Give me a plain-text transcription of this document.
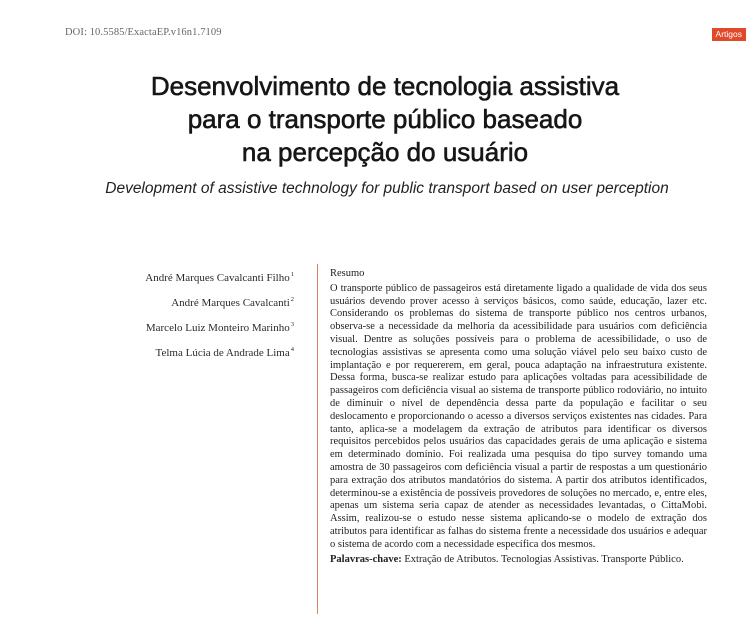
DOI: 10.5585/ExactaEP.v16n1.7109	Artigos
Desenvolvimento de tecnologia assistiva
para o transporte público baseado
na percepção do usuário
Development of assistive technology for public transport based on user perception
André Marques Cavalcanti Filho$^1$
André Marques Cavalcanti$^2$
Marcelo Luiz Monteiro Marinho$^3$
Telma Lúcia de Andrade Lima$^4$
Resumo

O transporte público de passageiros está diretamente ligado a qualidade de vida dos seus usuários devendo prover acesso à serviços básicos, como saúde, educação, lazer etc. Considerando os problemas do sistema de transporte público nos centros urbanos, observa-se a necessidade da melhoria da acessibilidade para usuários com deficiência visual. Dentre as soluções possíveis para o problema de acessibilidade, o uso de tecnologias assistivas se apresenta como uma solução viável pelo seu baixo custo de implantação e por requererem, em geral, pouca adaptação na infraestrutura existente. Dessa forma, busca-se realizar estudo para aplicações voltadas para acessibilidade de passageiros com deficiência visual ao sistema de transporte público rodoviário, no intuito de diminuir o nível de dependência dessa parte da população e facilitar o seu deslocamento e proporcionando o acesso a diversos serviços existentes nas cidades. Para tanto, aplica-se a modelagem da extração de atributos para identificar os diversos requisitos percebidos pelos usuários das capacidades gerais de uma aplicação e sistema em determinado domínio. Foi realizada uma pesquisa do tipo survey tomando uma amostra de 30 passageiros com deficiência visual a partir de respostas a um questionário para extração dos atributos mandatórios do sistema. A partir dos atributos identificados, determinou-se a existência de possíveis provedores de soluções no mercado, e, entre eles, apenas um sistema seria capaz de atender as necessidades levantadas, o CittaMobi. Assim, realizou-se o estudo nesse sistema aplicando-se o modelo de extração dos atributos para identificar as falhas do sistema frente a necessidade dos usuários e adequar o sistema de acordo com a necessidade específica dos mesmos.

Palavras-chave: Extração de Atributos. Tecnologias Assistivas. Transporte Público.
